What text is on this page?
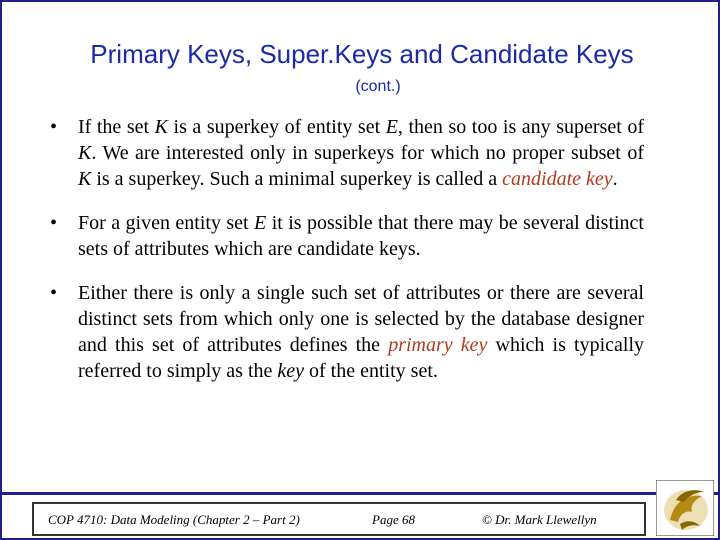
Primary Keys, Super.Keys and Candidate Keys
(cont.)
• If the set K is a superkey of entity set E, then so too is any superset of K. We are interested only in superkeys for which no proper subset of K is a superkey. Such a minimal superkey is called a candidate key.
• For a given entity set E it is possible that there may be several distinct sets of attributes which are candidate keys.
• Either there is only a single such set of attributes or there are several distinct sets from which only one is selected by the database designer and this set of attributes defines the primary key which is typically referred to simply as the key of the entity set.
COP 4710: Data Modeling (Chapter 2 – Part 2)	Page 68	© Dr. Mark Llewellyn
